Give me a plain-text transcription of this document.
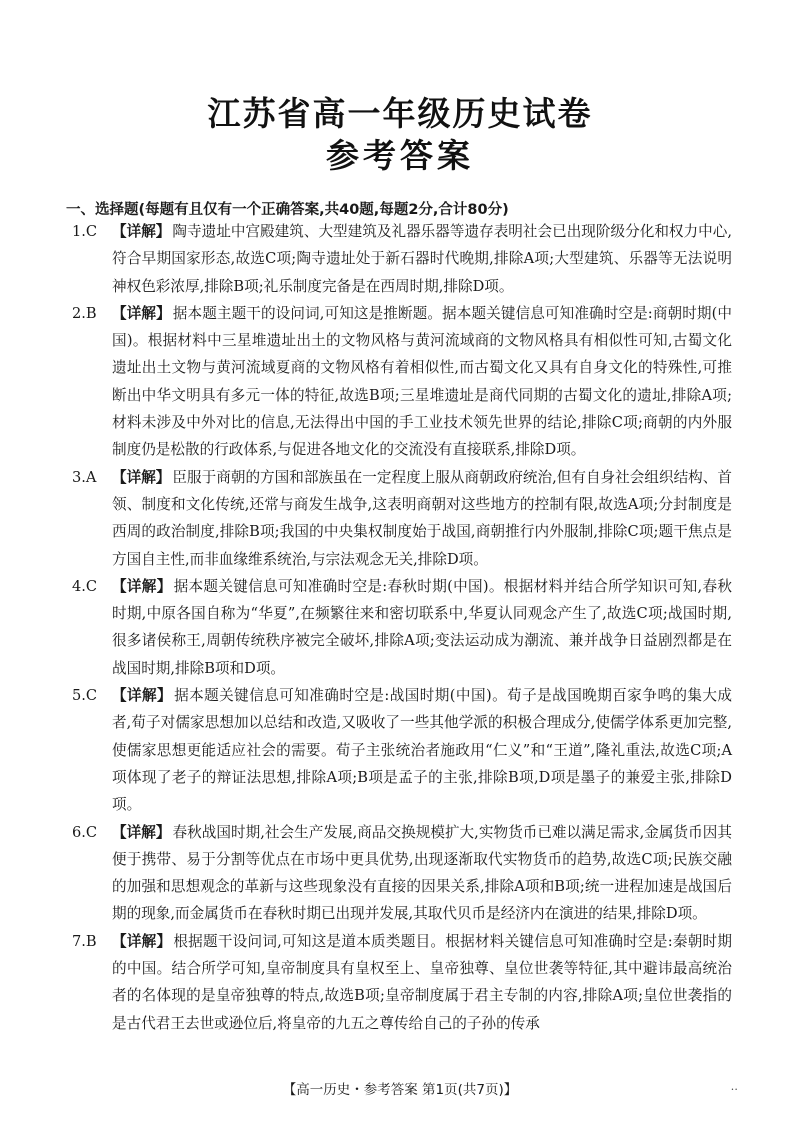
江苏省高一年级历史试卷
参考答案
一、选择题(每题有且仅有一个正确答案,共40题,每题2分,合计80分)
1.C	【详解】 陶寺遗址中宫殿建筑、大型建筑及礼器乐器等遗存表明社会已出现阶级分化和权力中心,符合早期国家形态,故选C项;陶寺遗址处于新石器时代晚期,排除A项;大型建筑、乐器等无法说明神权色彩浓厚,排除B项;礼乐制度完备是在西周时期,排除D项。
2.B	【详解】 据本题主题干的设问词,可知这是推断题。据本题关键信息可知准确时空是:商朝时期(中国)。根据材料中三星堆遗址出土的文物风格与黄河流域商的文物风格具有相似性可知,古蜀文化遗址出土文物与黄河流域夏商的文物风格有着相似性,而古蜀文化又具有自身文化的特殊性,可推断出中华文明具有多元一体的特征,故选B项;三星堆遗址是商代同期的古蜀文化的遗址,排除A项;材料未涉及中外对比的信息,无法得出中国的手工业技术领先世界的结论,排除C项;商朝的内外服制度仍是松散的行政体系,与促进各地文化的交流没有直接联系,排除D项。
3.A	【详解】 臣服于商朝的方国和部族虽在一定程度上服从商朝政府统治,但有自身社会组织结构、首领、制度和文化传统,还常与商发生战争,这表明商朝对这些地方的控制有限,故选A项;分封制度是西周的政治制度,排除B项;我国的中央集权制度始于战国,商朝推行内外服制,排除C项;题干焦点是方国自主性,而非血缘维系统治,与宗法观念无关,排除D项。
4.C	【详解】 据本题关键信息可知准确时空是:春秋时期(中国)。根据材料并结合所学知识可知,春秋时期,中原各国自称为“华夏”,在频繁往来和密切联系中,华夏认同观念产生了,故选C项;战国时期,很多诸侯称王,周朝传统秩序被完全破坏,排除A项;变法运动成为潮流、兼并战争日益剧烈都是在战国时期,排除B项和D项。
5.C	【详解】 据本题关键信息可知准确时空是:战国时期(中国)。荀子是战国晚期百家争鸣的集大成者,荀子对儒家思想加以总结和改造,又吸收了一些其他学派的积极合理成分,使儒学体系更加完整,使儒家思想更能适应社会的需要。荀子主张统治者施政用“仁义”和“王道”,隆礼重法,故选C项;A项体现了老子的辩证法思想,排除A项;B项是孟子的主张,排除B项,D项是墨子的兼爱主张,排除D项。
6.C	【详解】 春秋战国时期,社会生产发展,商品交换规模扩大,实物货币已难以满足需求,金属货币因其便于携带、易于分割等优点在市场中更具优势,出现逐渐取代实物货币的趋势,故选C项;民族交融的加强和思想观念的革新与这些现象没有直接的因果关系,排除A项和B项;统一进程加速是战国后期的现象,而金属货币在春秋时期已出现并发展,其取代贝币是经济内在演进的结果,排除D项。
7.B	【详解】 根据题干设问词,可知这是道本质类题目。根据材料关键信息可知准确时空是:秦朝时期的中国。结合所学可知,皇帝制度具有皇权至上、皇帝独尊、皇位世袭等特征,其中避讳最高统治者的名体现的是皇帝独尊的特点,故选B项;皇帝制度属于君主专制的内容,排除A项;皇位世袭指的是古代君王去世或逊位后,将皇帝的九五之尊传给自己的子孙的传承
【高一历史・参考答案 第1页(共7页)】	‥
